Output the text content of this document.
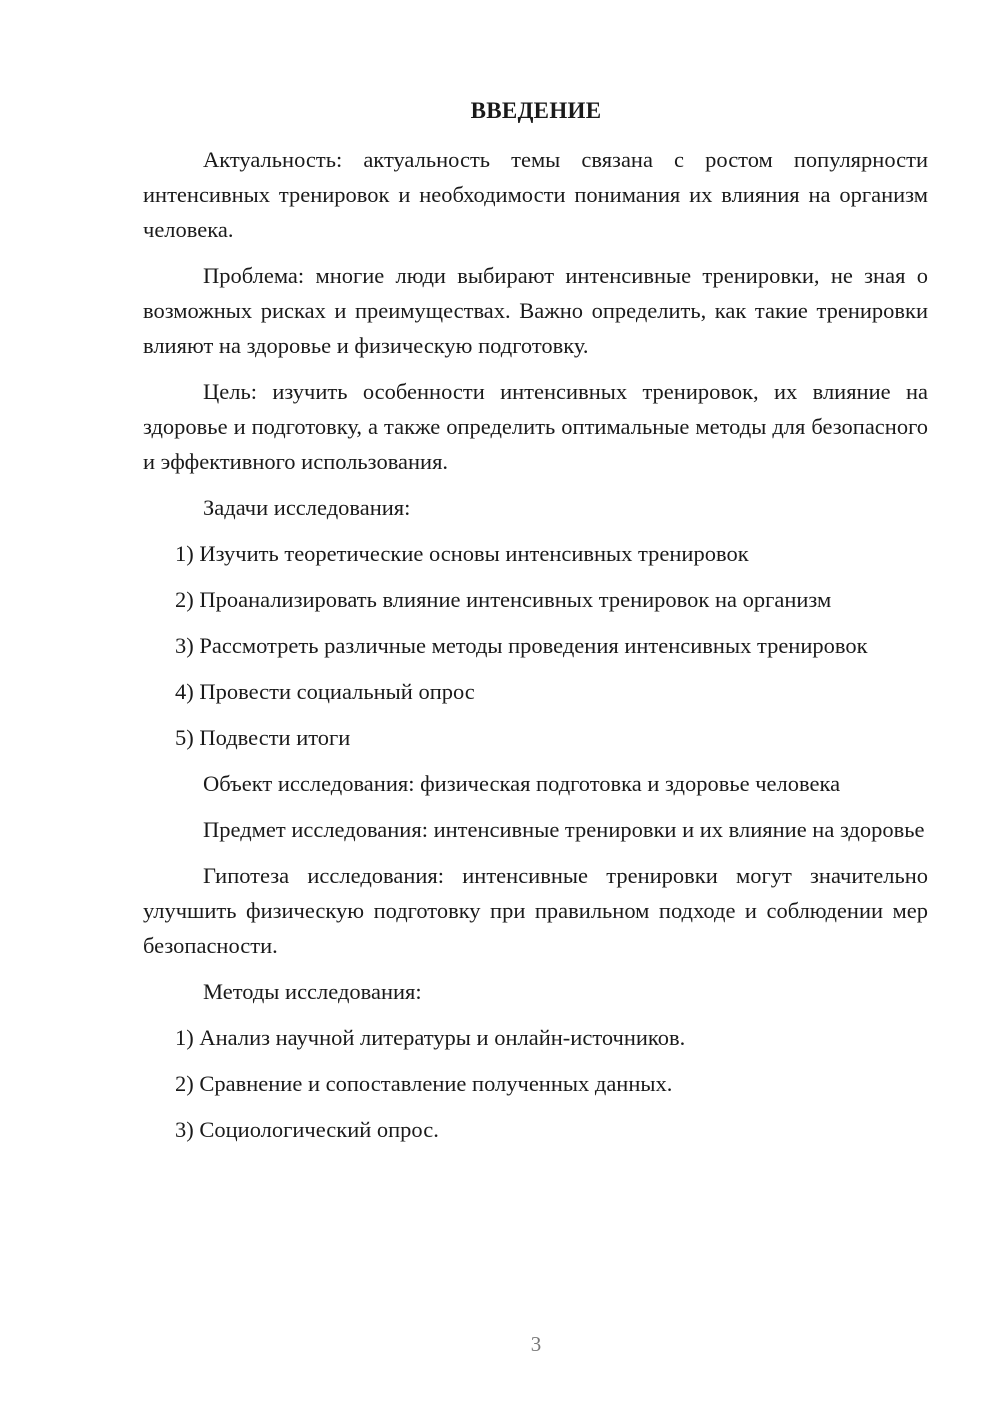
ВВЕДЕНИЕ

Актуальность: актуальность темы связана с ростом популярности интенсивных тренировок и необходимости понимания их влияния на организм человека.

Проблема: многие люди выбирают интенсивные тренировки, не зная о возможных рисках и преимуществах. Важно определить, как такие тренировки влияют на здоровье и физическую подготовку.

Цель: изучить особенности интенсивных тренировок, их влияние на здоровье и подготовку, а также определить оптимальные методы для безопасного и эффективного использования.

Задачи исследования:

1) Изучить теоретические основы интенсивных тренировок

2) Проанализировать влияние интенсивных тренировок на организм

3) Рассмотреть различные методы проведения интенсивных тренировок

4) Провести социальный опрос

5) Подвести итоги

Объект исследования: физическая подготовка и здоровье человека

Предмет исследования: интенсивные тренировки и их влияние на здоровье

Гипотеза исследования: интенсивные тренировки могут значительно улучшить физическую подготовку при правильном подходе и соблюдении мер безопасности.

Методы исследования:

1) Анализ научной литературы и онлайн-источников.

2) Сравнение и сопоставление полученных данных.

3) Социологический опрос.

3
